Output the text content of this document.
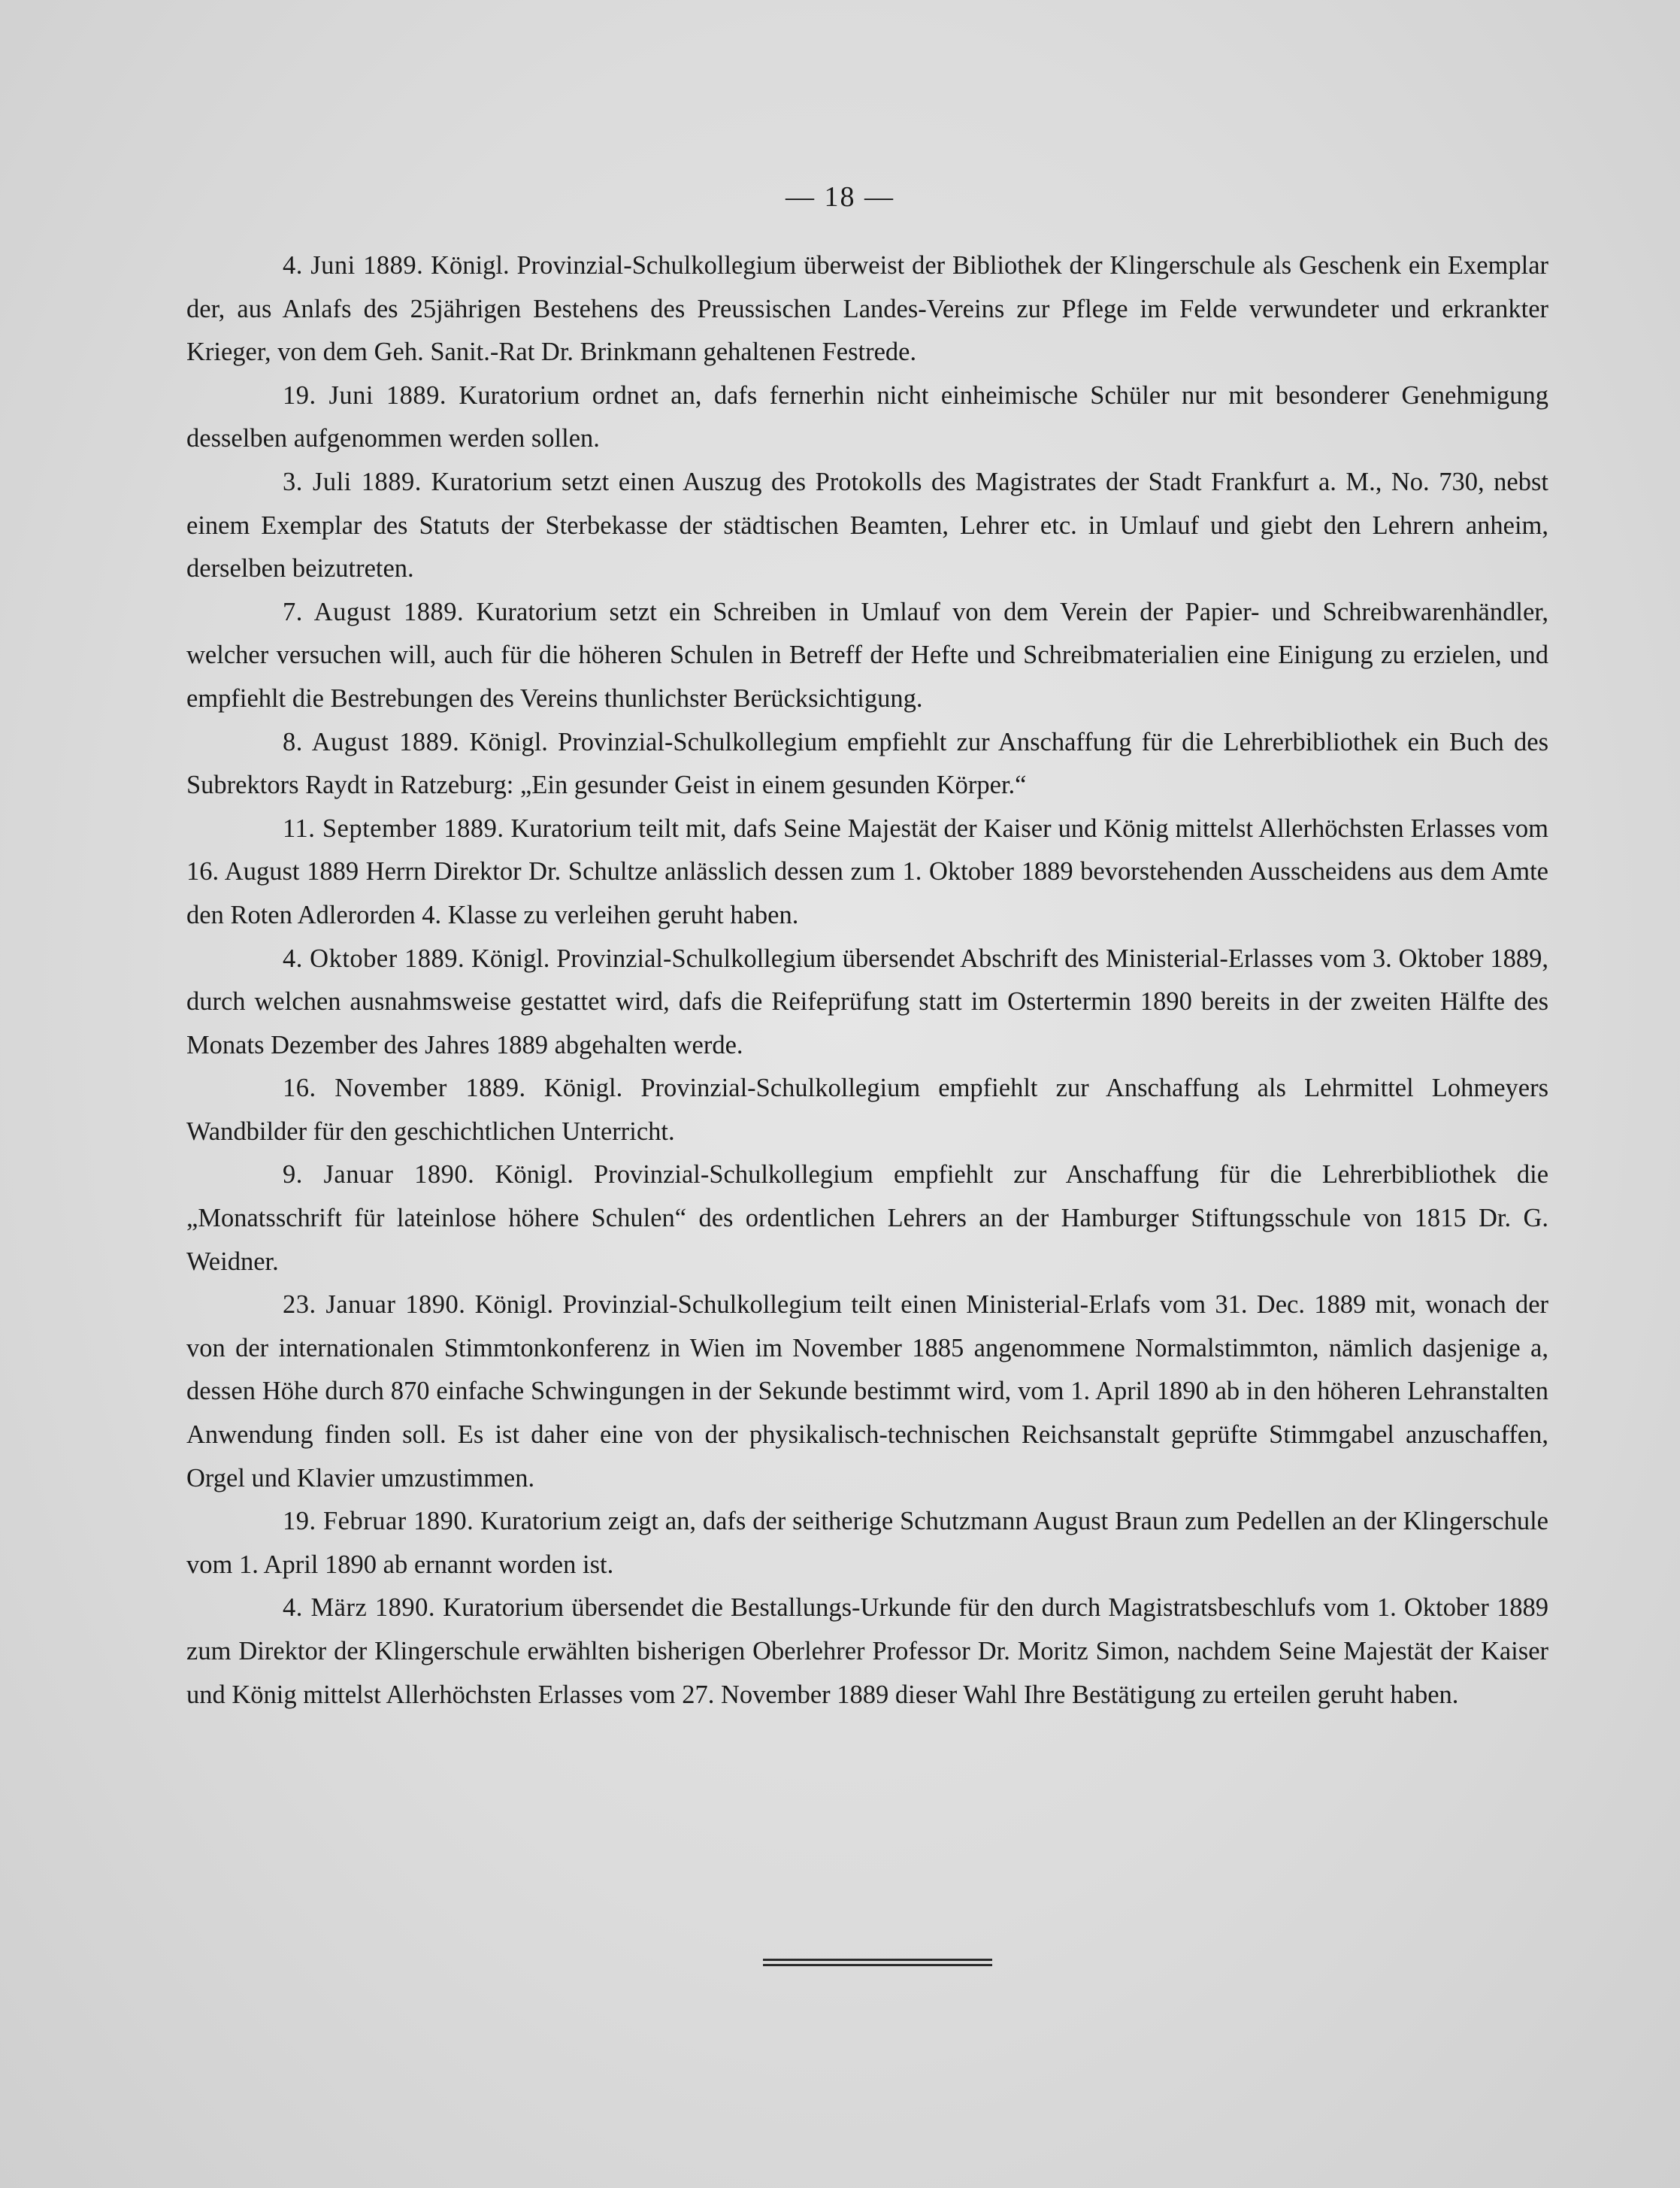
— 18 —

4. Juni 1889. Königl. Provinzial-Schulkollegium überweist der Bibliothek der Klingerschule als Geschenk ein Exemplar der, aus Anlafs des 25jährigen Bestehens des Preussischen Landes-Vereins zur Pflege im Felde verwundeter und erkrankter Krieger, von dem Geh. Sanit.-Rat Dr. Brinkmann gehaltenen Festrede.

19. Juni 1889. Kuratorium ordnet an, dafs fernerhin nicht einheimische Schüler nur mit besonderer Genehmigung desselben aufgenommen werden sollen.

3. Juli 1889. Kuratorium setzt einen Auszug des Protokolls des Magistrates der Stadt Frankfurt a. M., No. 730, nebst einem Exemplar des Statuts der Sterbekasse der städtischen Beamten, Lehrer etc. in Umlauf und giebt den Lehrern anheim, derselben beizutreten.

7. August 1889. Kuratorium setzt ein Schreiben in Umlauf von dem Verein der Papier- und Schreibwarenhändler, welcher versuchen will, auch für die höheren Schulen in Betreff der Hefte und Schreibmaterialien eine Einigung zu erzielen, und empfiehlt die Bestrebungen des Vereins thunlichster Berücksichtigung.

8. August 1889. Königl. Provinzial-Schulkollegium empfiehlt zur Anschaffung für die Lehrerbibliothek ein Buch des Subrektors Raydt in Ratzeburg: „Ein gesunder Geist in einem gesunden Körper.“

11. September 1889. Kuratorium teilt mit, dafs Seine Majestät der Kaiser und König mittelst Allerhöchsten Erlasses vom 16. August 1889 Herrn Direktor Dr. Schultze anlässlich dessen zum 1. Oktober 1889 bevorstehenden Ausscheidens aus dem Amte den Roten Adlerorden 4. Klasse zu verleihen geruht haben.

4. Oktober 1889. Königl. Provinzial-Schulkollegium übersendet Abschrift des Ministerial-Erlasses vom 3. Oktober 1889, durch welchen ausnahmsweise gestattet wird, dafs die Reifeprüfung statt im Ostertermin 1890 bereits in der zweiten Hälfte des Monats Dezember des Jahres 1889 abgehalten werde.

16. November 1889. Königl. Provinzial-Schulkollegium empfiehlt zur Anschaffung als Lehrmittel Lohmeyers Wandbilder für den geschichtlichen Unterricht.

9. Januar 1890. Königl. Provinzial-Schulkollegium empfiehlt zur Anschaffung für die Lehrerbibliothek die „Monatsschrift für lateinlose höhere Schulen“ des ordentlichen Lehrers an der Hamburger Stiftungsschule von 1815 Dr. G. Weidner.

23. Januar 1890. Königl. Provinzial-Schulkollegium teilt einen Ministerial-Erlafs vom 31. Dec. 1889 mit, wonach der von der internationalen Stimmtonkonferenz in Wien im November 1885 angenommene Normalstimmton, nämlich dasjenige a, dessen Höhe durch 870 einfache Schwingungen in der Sekunde bestimmt wird, vom 1. April 1890 ab in den höheren Lehranstalten Anwendung finden soll. Es ist daher eine von der physikalisch-technischen Reichsanstalt geprüfte Stimmgabel anzuschaffen, Orgel und Klavier umzustimmen.

19. Februar 1890. Kuratorium zeigt an, dafs der seitherige Schutzmann August Braun zum Pedellen an der Klingerschule vom 1. April 1890 ab ernannt worden ist.

4. März 1890. Kuratorium übersendet die Bestallungs-Urkunde für den durch Magistratsbeschlufs vom 1. Oktober 1889 zum Direktor der Klingerschule erwählten bisherigen Oberlehrer Professor Dr. Moritz Simon, nachdem Seine Majestät der Kaiser und König mittelst Allerhöchsten Erlasses vom 27. November 1889 dieser Wahl Ihre Bestätigung zu erteilen geruht haben.
